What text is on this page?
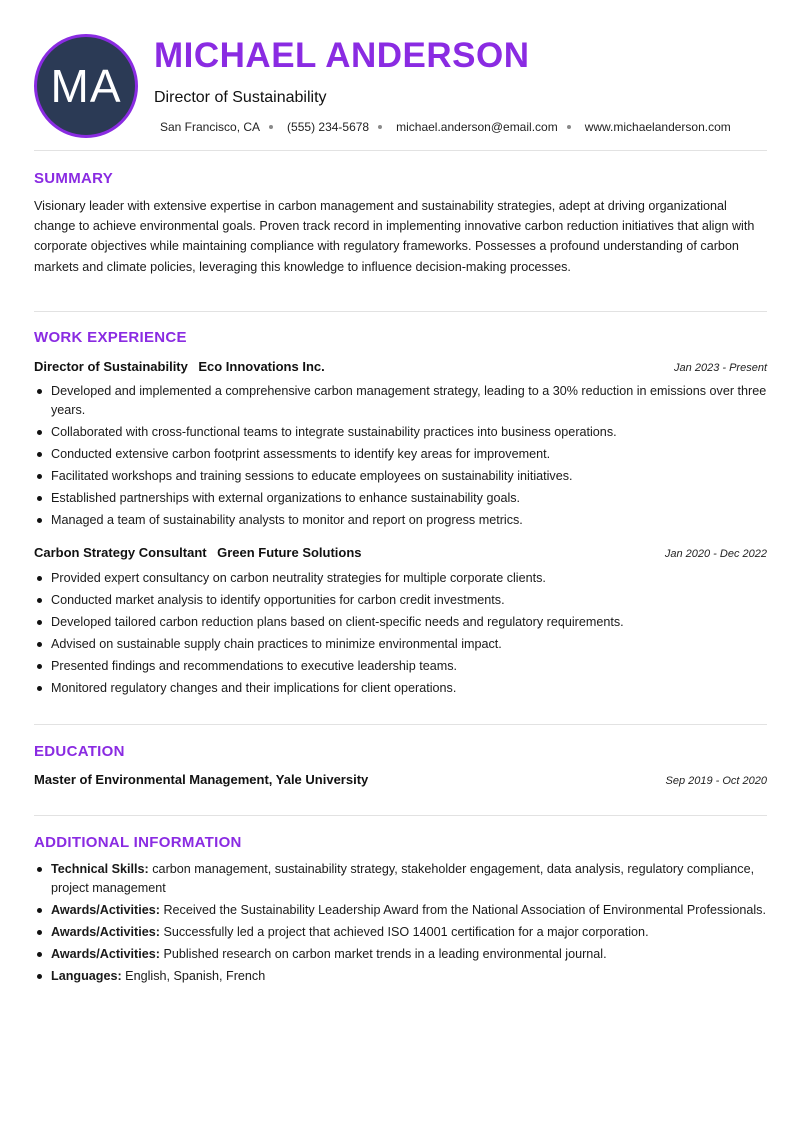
MA
MICHAEL ANDERSON
Director of Sustainability
San Francisco, CA (555) 234-5678 michael.anderson@email.com www.michaelanderson.com
SUMMARY

Visionary leader with extensive expertise in carbon management and sustainability strategies, adept at driving organizational change to achieve environmental goals. Proven track record in implementing innovative carbon reduction initiatives that align with corporate objectives while maintaining compliance with regulatory frameworks. Possesses a profound understanding of carbon markets and climate policies, leveraging this knowledge to influence decision-making processes.

WORK EXPERIENCE
Director of Sustainability Eco Innovations Inc.	Jan 2023 - Present
Developed and implemented a comprehensive carbon management strategy, leading to a 30% reduction in emissions over three years.
Collaborated with cross-functional teams to integrate sustainability practices into business operations.
Conducted extensive carbon footprint assessments to identify key areas for improvement.
Facilitated workshops and training sessions to educate employees on sustainability initiatives.
Established partnerships with external organizations to enhance sustainability goals.
Managed a team of sustainability analysts to monitor and report on progress metrics.
Carbon Strategy Consultant Green Future Solutions	Jan 2020 - Dec 2022
Provided expert consultancy on carbon neutrality strategies for multiple corporate clients.
Conducted market analysis to identify opportunities for carbon credit investments.
Developed tailored carbon reduction plans based on client-specific needs and regulatory requirements.
Advised on sustainable supply chain practices to minimize environmental impact.
Presented findings and recommendations to executive leadership teams.
Monitored regulatory changes and their implications for client operations.
EDUCATION
Master of Environmental Management, Yale University	Sep 2019 - Oct 2020
ADDITIONAL INFORMATION
Technical Skills: carbon management, sustainability strategy, stakeholder engagement, data analysis, regulatory compliance, project management
Awards/Activities: Received the Sustainability Leadership Award from the National Association of Environmental Professionals.
Awards/Activities: Successfully led a project that achieved ISO 14001 certification for a major corporation.
Awards/Activities: Published research on carbon market trends in a leading environmental journal.
Languages: English, Spanish, French
